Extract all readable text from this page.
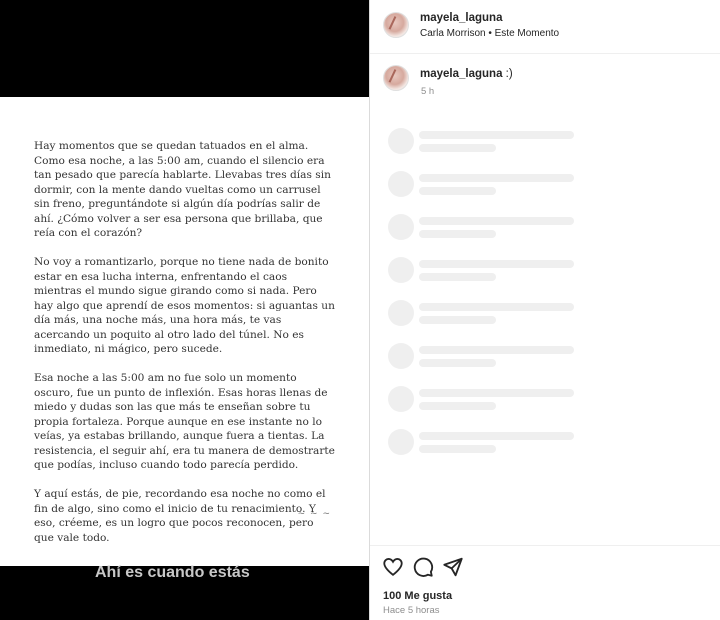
Hay momentos que se quedan tatuados en el alma. Como esa noche, a las 5:00 am, cuando el silencio era tan pesado que parecía hablarte. Llevabas tres días sin dormir, con la mente dando vueltas como un carrusel sin freno, preguntándote si algún día podrías salir de ahí. ¿Cómo volver a ser esa persona que brillaba, que reía con el corazón?

No voy a romantizarlo, porque no tiene nada de bonito estar en esa lucha interna, enfrentando el caos mientras el mundo sigue girando como si nada. Pero hay algo que aprendí de esos momentos: si aguantas un día más, una noche más, una hora más, te vas acercando un poquito al otro lado del túnel. No es inmediato, ni mágico, pero sucede.

Esa noche a las 5:00 am no fue solo un momento oscuro, fue un punto de inflexión. Esas horas llenas de miedo y dudas son las que más te enseñan sobre tu propia fortaleza. Porque aunque en ese instante no lo veías, ya estabas brillando, aunque fuera a tientas. La resistencia, el seguir ahí, era tu manera de demostrarte que podías, incluso cuando todo parecía perdido.

Y aquí estás, de pie, recordando esa noche no como el fin de algo, sino como el inicio de tu renacimiento. Y eso, créeme, es un logro que pocos reconocen, pero que vale todo.

~ ~ ~
Ahí es cuando estás
mayela_laguna
Carla Morrison • Este Momento
mayela_laguna :)
5 h
100 Me gusta
Hace 5 horas
